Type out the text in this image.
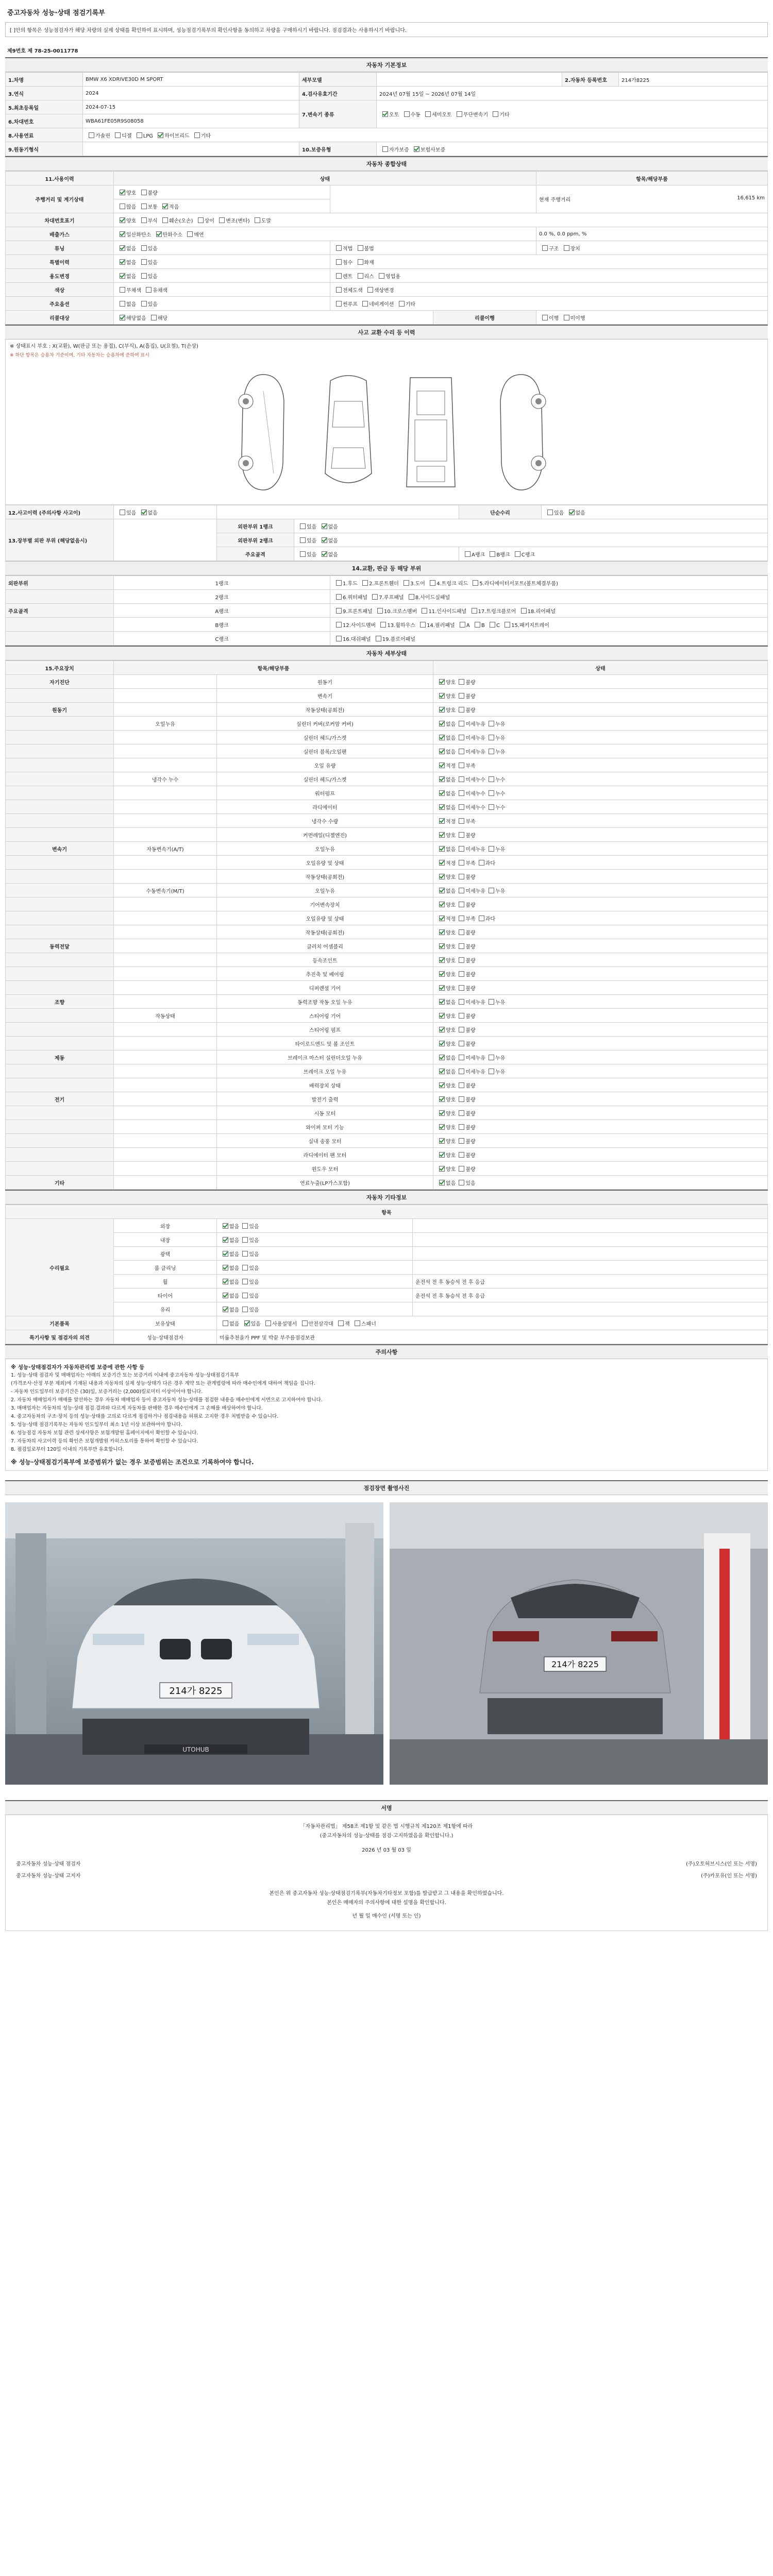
중고자동차 성능·상태 점검기록부
[ ]안의 항목은 성능점검자가 해당 차량의 실제 상태를 확인하여 표시하며, 성능점검기록부의 확인사항을 동의하고 차량을 구매하시기 바랍니다. 점검결과는 사용하시기 바랍니다.
제9번호 제 78-25-0011778
자동차 기본정보
1.차명	BMW X6 XDRIVE30D M SPORT	세부모델		2.자동차 등록번호	214가8225
3.연식	2024	4.검사유효기간	2024년 07월 15일 ~ 2026년 07월 14일		
5.최초등록일	2024-07-15	7.변속기 종류	오토 수동 세미오토 무단변속기 기타		
6.차대번호	WBA61FE05R9S08058				
8.사용연료	가솔린 디젤 LPG 하이브리드 기타				
9.원동기형식		10.보증유형	자가보증 보험사보증		
자동차 종합상태
11.사용이력	상태			항목/해당부품
주행거리 및 계기상태	양호 불량			현재 주행거리 16,615 km

	많음 보통 적음			
차대번호표기	양호 부식 훼손(오손) 상이 변조(변타) 도말			
배출가스	일산화탄소 탄화수소 매연			0.0 %, 0.0 ppm, %
튜닝	없음 있음	적법 불법		구조 장치
특별이력	없음 있음	침수 화재		
용도변경	없음 있음	렌트 리스 영업용		
색상	무채색 유채색	전체도색 색상변경		
주요옵션	없음 있음	썬루프 네비게이션 기타		
리콜대상	해당없음 해당		리콜이행	이행 미이행
사고 교환 수리 등 이력
※ 상태표시 부호 : X(교환), W(판금 또는 용접), C(부식), A(흠집), U(요철), T(손상)
※ 하단 항목은 승용차 기준이며, 기타 자동차는 승용차에 준하여 표시
12.사고이력 (주의사항 사고이)	있음 없음			단순수리	있음 없음
13.장부별 외판 부위 (해당없음시)		외판부위 1랭크	있음 없음		
		외판부위 2랭크	있음 없음		
		주요골격	있음 없음	A랭크 B랭크 C랭크	
14.교환, 판금 등 해당 부위
외판부위	1랭크	1.후드 2.프론트휀더 3.도어 4.트렁크 리드 5.라디에이터서포트(볼트체결부품)
	2랭크	6.쿼터패널 7.루프패널 8.사이드실패널
주요골격	A랭크	9.프론트패널 10.크로스멤버 11.인사이드패널 17.트렁크플로어 18.리어패널
	B랭크	12.사이드멤버 13.휠하우스 14.필러패널 A B C 15.패키지트레이
	C랭크	16.대쉬패널 19.플로어패널
자동차 세부상태
15.주요장치	항목/해당부품		상태
자기진단		원동기	양호 불량
		변속기	양호 불량
원동기		작동상태(공회전)	양호 불량
	오일누유	실린더 커버(로커암 커버)	없음 미세누유 누유
		실린더 헤드/가스켓	없음 미세누유 누유
		실린더 블록/오일팬	없음 미세누유 누유
		오일 유량	적정 부족
	냉각수 누수	실린더 헤드/가스켓	없음 미세누수 누수
		워터펌프	없음 미세누수 누수
		라디에이터	없음 미세누수 누수
		냉각수 수량	적정 부족
		커먼레일(디젤엔진)	양호 불량
변속기	자동변속기(A/T)	오일누유	없음 미세누유 누유
		오일유량 및 상태	적정 부족 과다
		작동상태(공회전)	양호 불량
	수동변속기(M/T)	오일누유	없음 미세누유 누유
		기어변속장치	양호 불량
		오일유량 및 상태	적정 부족 과다
		작동상태(공회전)	양호 불량
동력전달		클러치 어셈블리	양호 불량
		등속조인트	양호 불량
		추진축 및 베어링	양호 불량
		디퍼렌셜 기어	양호 불량
조향		동력조향 작동 오일 누유	없음 미세누유 누유
	작동상태	스티어링 기어	양호 불량
		스티어링 펌프	양호 불량
		타이로드엔드 및 볼 조인트	양호 불량
제동		브레이크 마스터 실린더오일 누유	없음 미세누유 누유
		브레이크 오일 누유	없음 미세누유 누유
		배력장치 상태	양호 불량
전기		발전기 출력	양호 불량
		시동 모터	양호 불량
		와이퍼 모터 기능	양호 불량
		실내 송풍 모터	양호 불량
		라디에이터 팬 모터	양호 불량
		윈도우 모터	양호 불량
기타		연료누출(LP가스포함)	없음 있음
자동차 기타정보
항목			
수리필요	외장	없음 있음	
	내장	없음 있음	
	광택	없음 있음	
	룸 클리닝	없음 있음	
	휠	없음 있음	운전석 전 후 동승석 전 후 응급
	타이어	없음 있음	운전석 전 후 동승석 전 후 응급
	유리	없음 있음	
기본품목	보유상태	없음 있음 사용설명서 안전삼각대 잭 스패너	
특기사항 및 점검자의 의견	성능·상태점검자	미룹추천을가 PPF 및 박끝 부주름점검보관	
주의사항
※ 성능·상태점검자가 자동차관리법 보증에 관한 사항 등
1. 성능·상태 점검자 및 매매업자는 아래의 보증기간 또는 보증거리 이내에 중고자동차 성능·상태점검기록부
(가격조사·산정 부분 제외)에 기재된 내용과 자동차의 실제 성능·상태가 다른 경우 계약 또는 관계법령에 따라 매수인에게 대하여 책임을 집니다.
- 자동차 인도일부터 보증기간은 (30)일, 보증거리는 (2,000)킬로미터 이상이어야 합니다.
2. 자동차 매매업자가 매매를 알선하는 경우 자동차 매매업자 등이 중고자동차 성능·상태를 점검한 내용을 매수인에게 서면으로 고지하여야 합니다.
3. 매매업자는 자동차의 성능·상태 점검 결과와 다르게 자동차를 판매한 경우 매수인에게 그 손해를 배상하여야 합니다.
4. 중고자동차의 구조·장치 등의 성능·상태를 고의로 다르게 점검하거나 점검내용을 허위로 고지한 경우 처벌받을 수 있습니다.
5. 성능·상태 점검기록부는 자동차 인도일부터 최소 1년 이상 보관하여야 합니다.
6. 성능점검 자동차 보험 관련 상세사항은 보험개발원 홈페이지에서 확인할 수 있습니다.
7. 자동차의 사고이력 등의 확인은 보험개발원 카히스토리를 통하여 확인할 수 있습니다.
8. 점검일로부터 120일 이내의 기록부만 유효합니다.
※ 성능·상태점검기록부에 보증범위가 없는 경우 보증범위는 조건으로 기록하여야 합니다.
점검장면 촬영사진
214가 8225
UTOHUB
214가 8225
서명
「자동차관리법」 제58조 제1항 및 같은 법 시행규칙 제120조 제1항에 따라
(중고자동차의 성능·상태를 점검·고지하였음을 확인합니다.)
2026 년 03 월 03 일
중고자동차 성능·상태 점검자	(주)오토허브시스(인 또는 서명)
중고자동차 성능·상태 고지자	(주)카포유(인 또는 서명)
본인은 위 중고자동차 성능·상태점검기록부(자동차기타정보 포함)를 발급받고 그 내용을 확인하였습니다.
본인은 매매자의 주의사항에 대한 설명을 확인합니다.
년 월 일 매수인 (서명 또는 인)
